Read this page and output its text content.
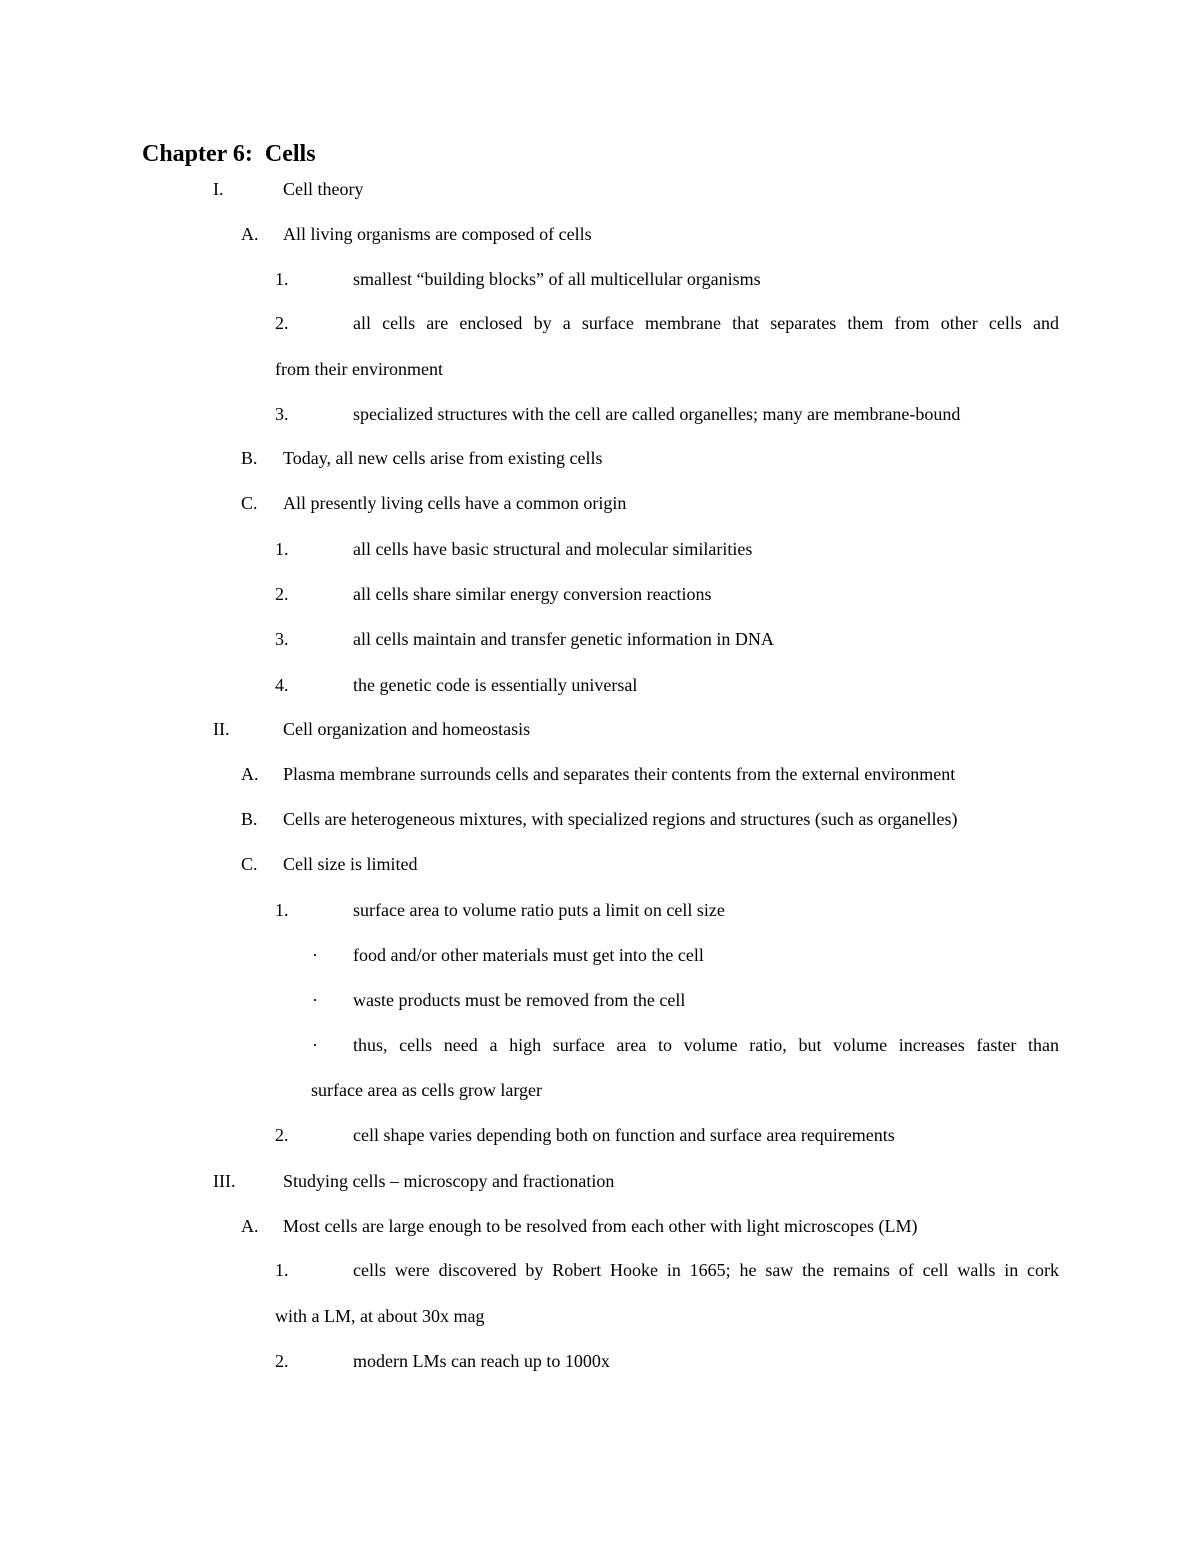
Chapter 6:  Cells
I.	Cell theory
A. All living organisms are composed of cells
1.	smallest “building blocks” of all multicellular organisms
2.	all cells are enclosed by a surface membrane that separates them from other cells and
from their environment
3.	specialized structures with the cell are called organelles; many are membrane-bound
B. Today, all new cells arise from existing cells
C. All presently living cells have a common origin
1.	all cells have basic structural and molecular similarities
2.	all cells share similar energy conversion reactions
3.	all cells maintain and transfer genetic information in DNA
4.	the genetic code is essentially universal
II.	Cell organization and homeostasis
A. Plasma membrane surrounds cells and separates their contents from the external environment
B. Cells are heterogeneous mixtures, with specialized regions and structures (such as organelles)
C. Cell size is limited
1.	surface area to volume ratio puts a limit on cell size
· food and/or other materials must get into the cell
· waste products must be removed from the cell
· thus, cells need a high surface area to volume ratio, but volume increases faster than
surface area as cells grow larger
2.	cell shape varies depending both on function and surface area requirements
III.	Studying cells – microscopy and fractionation
A. Most cells are large enough to be resolved from each other with light microscopes (LM)
1.	cells were discovered by Robert Hooke in 1665; he saw the remains of cell walls in cork
with a LM, at about 30x mag
2.	modern LMs can reach up to 1000x
